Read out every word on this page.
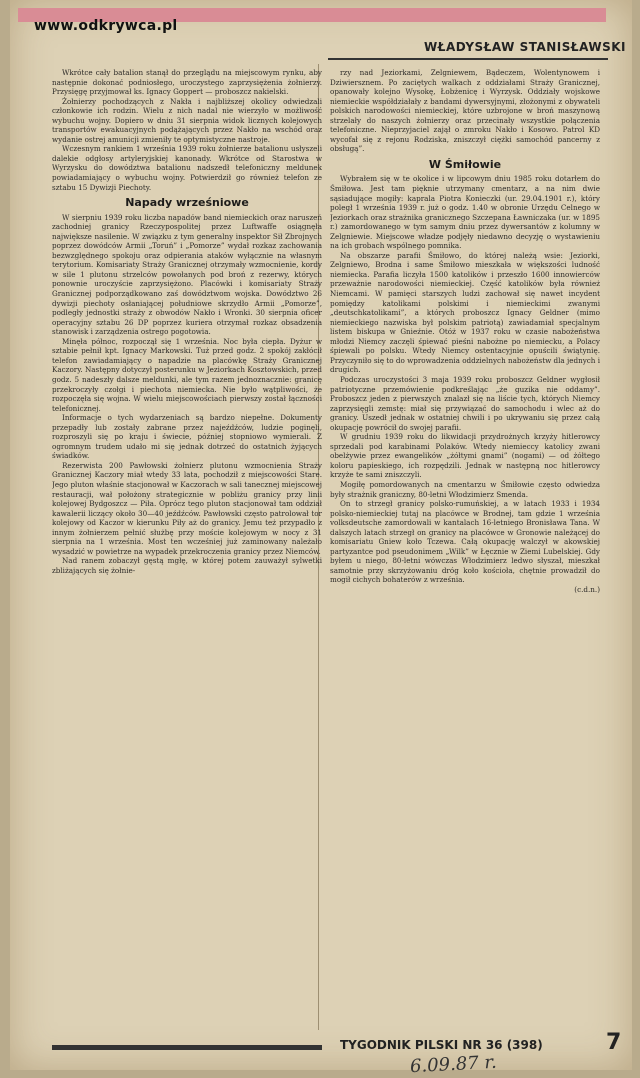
www.odkrywca.pl
WŁADYSŁAW STANISŁAWSKI

Wkrótce cały batalion stanął do przeglądu na miejscowym rynku, aby następnie dokonać podniosłego, uroczystego zaprzysiężenia żołnierzy. Przysięgę przyjmował ks. Ignacy Goppert — proboszcz nakielski.

Żołnierzy pochodzących z Nakła i najbliższej okolicy odwiedzali członkowie ich rodzin. Wielu z nich nadal nie wierzyło w możliwość wybuchu wojny. Dopiero w dniu 31 sierpnia widok licznych kolejowych transportów ewakuacyjnych podążających przez Nakło na wschód oraz wydanie ostrej amunicji zmieniły te optymistyczne nastroje.

Wczesnym rankiem 1 września 1939 roku żołnierze batalionu usłyszeli dalekie odgłosy artyleryjskiej kanonady. Wkrótce od Starostwa w Wyrzysku do dowództwa batalionu nadszedł telefoniczny meldunek powiadamiający o wybuchu wojny. Potwierdził go również telefon ze sztabu 15 Dywizji Piechoty.

Napady wrześniowe

W sierpniu 1939 roku liczba napadów band niemieckich oraz naruszeń zachodniej granicy Rzeczypospolitej przez Luftwaffe osiągnęła największe nasilenie. W związku z tym generalny inspektor Sił Zbrojnych poprzez dowódców Armii „Toruń” i „Pomorze” wydał rozkaz zachowania bezwzględnego spokoju oraz odpierania ataków wyłącznie na własnym terytorium. Komisariaty Straży Granicznej otrzymały wzmocnienie, kordy w sile 1 plutonu strzelców powołanych pod broń z rezerwy, których ponownie uroczyście zaprzysiężono. Placówki i komisariaty Straży Granicznej podporządkowano zaś dowództwom wojska. Dowództwo 26 dywizji piechoty osłaniającej południowe skrzydło Armii „Pomorze”, podległy jednostki straży z obwodów Nakło i Wronki. 30 sierpnia oficer operacyjny sztabu 26 DP poprzez kuriera otrzymał rozkaz obsadzenia stanowisk i zarządzenia ostrego pogotowia.

Minęła północ, rozpoczął się 1 września. Noc była ciepła. Dyżur w sztabie pełnił kpt. Ignacy Markowski. Tuż przed godz. 2 spokój zakłócił telefon zawiadamiający o napadzie na placówkę Straży Granicznej Kaczory. Następny dotyczył posterunku w Jeziorkach Kosztowskich, przed godz. 5 nadeszły dalsze meldunki, ale tym razem jednoznacznie: granicę przekroczyły czołgi i piechota niemiecka. Nie było wątpliwości, że rozpoczęła się wojna. W wielu miejscowościach pierwszy został łączności telefonicznej.

Informacje o tych wydarzeniach są bardzo niepełne. Dokumenty przepadły lub zostały zabrane przez najeźdźców, ludzie poginęli, rozproszyli się po kraju i świecie, później stopniowo wymierali. Z ogromnym trudem udało mi się jednak dotrzeć do ostatnich żyjących świadków.

Rezerwista 200 Pawłowski żołnierz plutonu wzmocnienia Straży Granicznej Kaczory miał wtedy 33 lata, pochodził z miejscowości Stare. Jego pluton właśnie stacjonował w Kaczorach w sali tanecznej miejscowej restauracji, wał położony strategicznie w pobliżu granicy przy linii kolejowej Bydgoszcz — Piła. Oprócz tego pluton stacjonował tam oddział kawalerii liczący około 30—40 jeźdźców. Pawłowski często patrolował tor kolejowy od Kaczor w kierunku Piły aż do granicy. Jemu też przypadło z innym żołnierzem pełnić służbę przy moście kolejowym w nocy z 31 sierpnia na 1 września. Most ten wcześniej już zaminowany należało wysadzić w powietrze na wypadek przekroczenia granicy przez Niemców.

Nad ranem zobaczył gęstą mgłę, w której potem zauważył sylwetki zbliżających się żołnie-

rzy nad Jeziorkami, Zelgniewem, Bądeczem, Wolentynowem i Dziwiersznem. Po zaciętych walkach z oddziałami Straży Granicznej, opanowały kolejno Wysokę, Łobżenicę i Wyrzysk. Oddziały wojskowe niemieckie współdziałały z bandami dywersyjnymi, złożonymi z obywateli polskich narodowości niemieckiej, które uzbrojone w broń maszynową strzelały do naszych żołnierzy oraz przecinały wszystkie połączenia telefoniczne. Nieprzyjaciel zajął o zmroku Nakło i Kosowo. Patrol KD wycofał się z rejonu Rodziska, zniszczył ciężki samochód pancerny z obsługą”.

W Śmiłowie

Wybrałem się w te okolice i w lipcowym dniu 1985 roku dotarłem do Śmiłowa. Jest tam pięknie utrzymany cmentarz, a na nim dwie sąsiadujące mogiły: kaprala Piotra Konieczki (ur. 29.04.1901 r.), który poległ 1 września 1939 r. już o godz. 1.40 w obronie Urzędu Celnego w Jeziorkach oraz strażnika granicznego Szczepana Ławniczaka (ur. w 1895 r.) zamordowanego w tym samym dniu przez dywersantów z kolumny w Zelgniewie. Miejscowe władze podjęły niedawno decyzję o wystawieniu na ich grobach wspólnego pomnika.

Na obszarze parafii Śmiłowo, do której należą wsie: Jeziorki, Zelgniewo, Brodna i same Śmiłowo mieszkała w większości ludność niemiecka. Parafia liczyła 1500 katolików i przeszło 1600 innowierców przeważnie narodowości niemieckiej. Część katolików była również Niemcami. W pamięci starszych ludzi zachował się nawet incydent pomiędzy katolikami polskimi i niemieckimi zwanymi „deutschkatolikami”, a których proboszcz Ignacy Geldner (mimo niemieckiego nazwiska był polskim patriotą) zawiadamiał specjalnym listem biskupa w Gnieźnie. Otóż w 1937 roku w czasie nabożeństwa młodzi Niemcy zaczęli śpiewać pieśni nabożne po niemiecku, a Polacy śpiewali po polsku. Wtedy Niemcy ostentacyjnie opuścili świątynię. Przyczyniło się to do wprowadzenia oddzielnych nabożeństw dla jednych i drugich.

Podczas uroczystości 3 maja 1939 roku proboszcz Geldner wygłosił patriotyczne przemówienie podkreślając „że guzika nie oddamy”. Proboszcz jeden z pierwszych znalazł się na liście tych, których Niemcy zaprzysięgli zemstę: miał się przywiązać do samochodu i wlec aż do granicy. Uszedł jednak w ostatniej chwili i po ukrywaniu się przez całą okupację powrócił do swojej parafii.

W grudniu 1939 roku do likwidacji przydrożnych krzyży hitlerowcy sprzedali pod karabinami Polaków. Wtedy niemieccy katolicy zwani obelżywie przez ewangelików „żółtymi gnami” (nogami) — od żółtego koloru papieskiego, ich rozpędzili. Jednak w następną noc hitlerowcy krzyże te sami zniszczyli.

Mogiłę pomordowanych na cmentarzu w Śmiłowie często odwiedza były strażnik graniczny, 80-letni Włodzimierz Smenda.

On to strzegł granicy polsko-rumuńskiej, a w latach 1933 i 1934 polsko-niemieckiej tutaj na placówce w Brodnej, tam gdzie 1 września volksdeutsche zamordowali w kantalach 16-letniego Bronisława Tana. W dalszych latach strzegł on granicy na placówce w Gronowie należącej do komisariatu Gniew koło Tczewa. Całą okupację walczył w akowskiej partyzantce pod pseudonimem „Wilk” w Łęcznie w Ziemi Lubelskiej. Gdy byłem u niego, 80-letni wówczas Włodzimierz ledwo słyszał, mieszkał samotnie przy skrzyżowaniu dróg koło kościoła, chętnie prowadził do mogił cichych bohaterów z września.

(c.d.n.)

TYGODNIK PILSKI NR 36 (398)	7
6.09.87 r.
